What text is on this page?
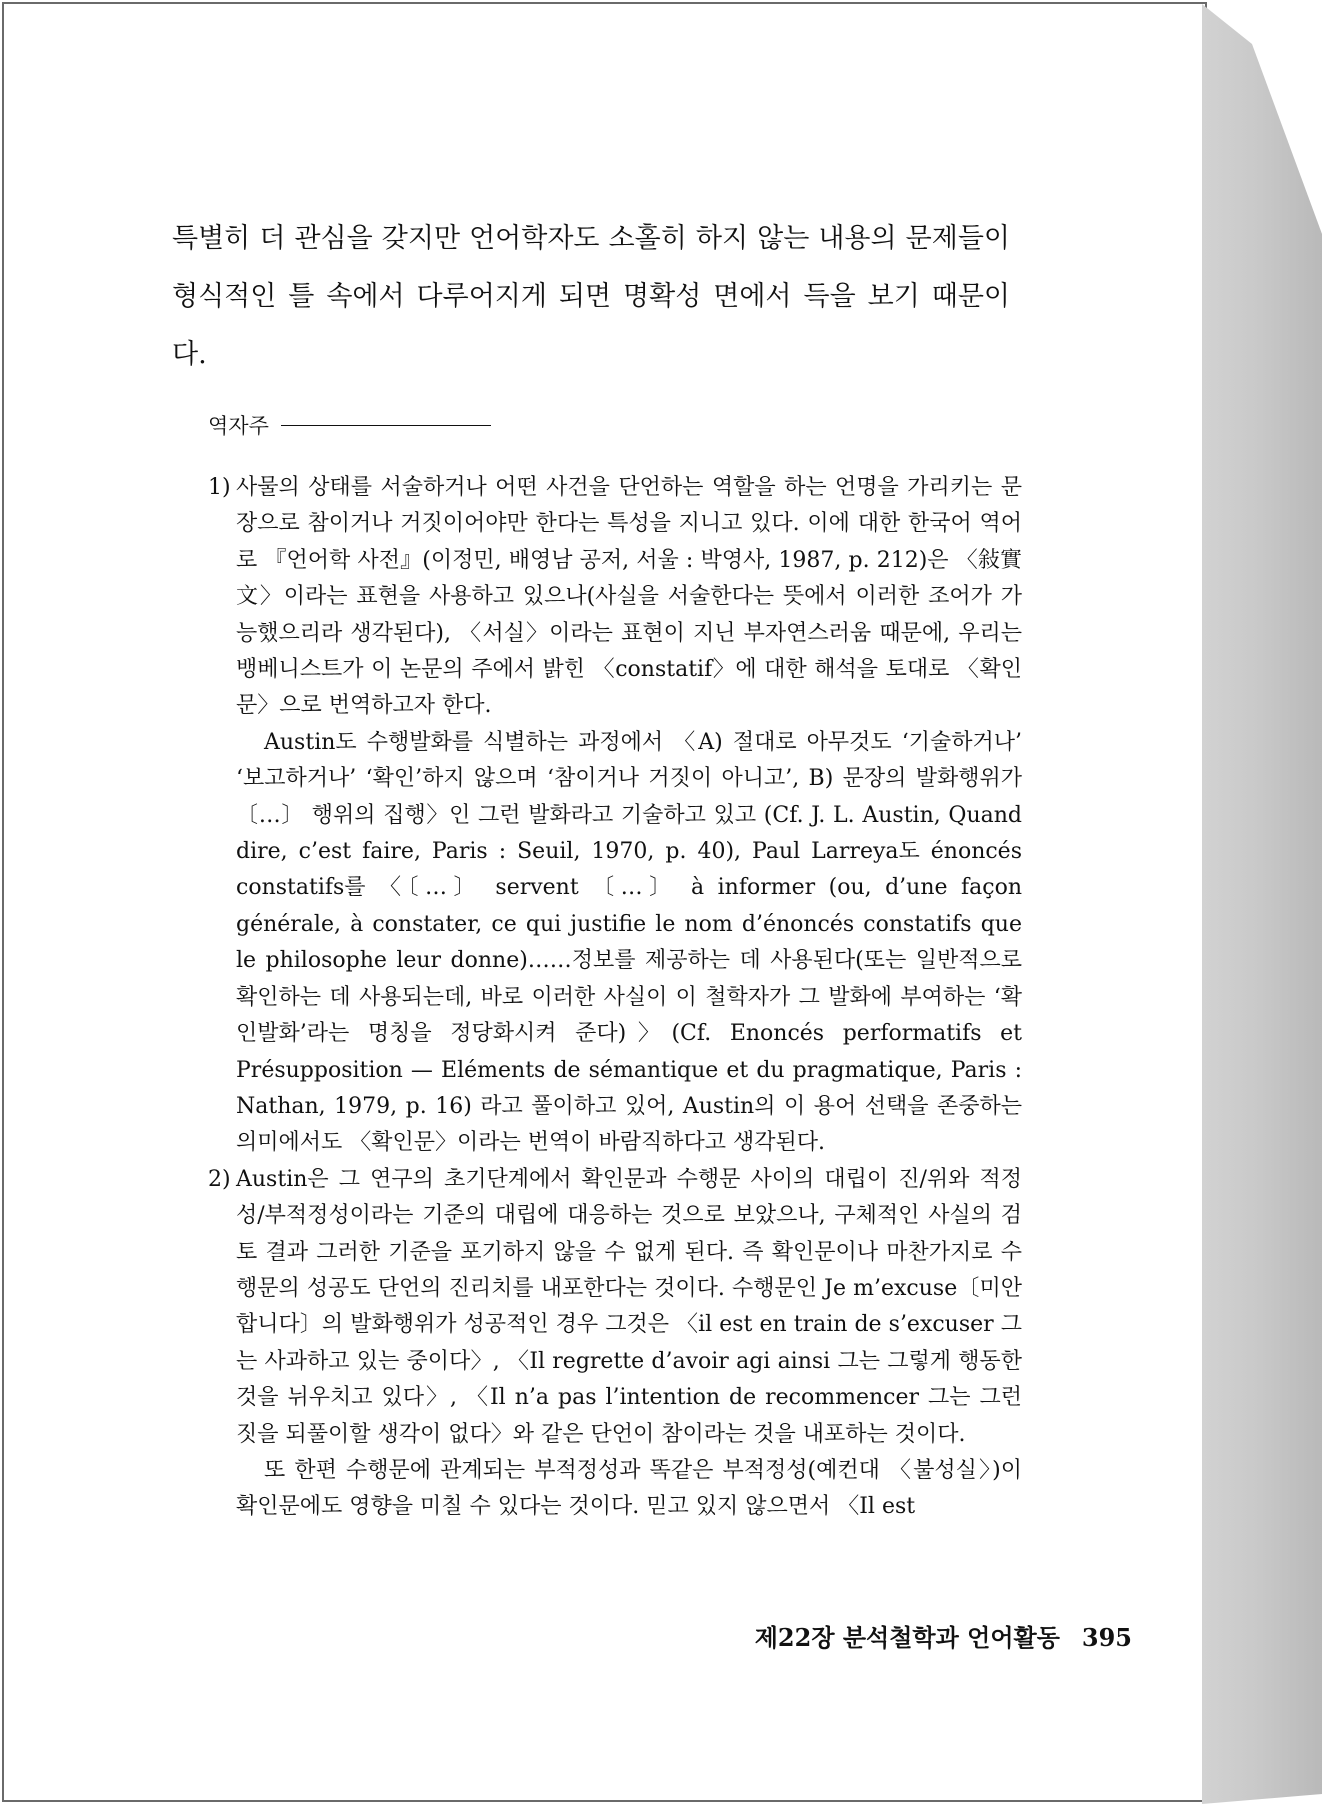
특별히 더 관심을 갖지만 언어학자도 소홀히 하지 않는 내용의 문제들이

형식적인 틀 속에서 다루어지게 되면 명확성 면에서 득을 보기 때문이다.

역자주
1) 사물의 상태를 서술하거나 어떤 사건을 단언하는 역할을 하는 언명을 가리키는 문장으로 참이거나 거짓이어야만 한다는 특성을 지니고 있다. 이에 대한 한국어 역어로 『언어학 사전』(이정민, 배영남 공저, 서울 : 박영사, 1987, p. 212)은 〈敍實文〉이라는 표현을 사용하고 있으나(사실을 서술한다는 뜻에서 이러한 조어가 가능했으리라 생각된다), 〈서실〉이라는 표현이 지닌 부자연스러움 때문에, 우리는 뱅베니스트가 이 논문의 주에서 밝힌 〈constatif〉에 대한 해석을 토대로 〈확인문〉으로 번역하고자 한다.

Austin도 수행발화를 식별하는 과정에서 〈A) 절대로 아무것도 ‘기술하거나’ ‘보고하거나’ ‘확인’하지 않으며 ‘참이거나 거짓이 아니고’, B) 문장의 발화행위가 〔…〕 행위의 집행〉인 그런 발화라고 기술하고 있고 (Cf. J. L. Austin, Quand dire, c’est faire, Paris : Seuil, 1970, p. 40), Paul Larreya도 énoncés constatifs를 〈〔…〕 servent 〔…〕 à informer (ou, d’une façon générale, à constater, ce qui justifie le nom d’énoncés constatifs que le philosophe leur donne)……정보를 제공하는 데 사용된다(또는 일반적으로 확인하는 데 사용되는데, 바로 이러한 사실이 이 철학자가 그 발화에 부여하는 ‘확인발화’라는 명칭을 정당화시켜 준다)〉(Cf. Enoncés performatifs et Présupposition — Eléments de sémantique et du pragmatique, Paris : Nathan, 1979, p. 16) 라고 풀이하고 있어, Austin의 이 용어 선택을 존중하는 의미에서도 〈확인문〉이라는 번역이 바람직하다고 생각된다.

2) Austin은 그 연구의 초기단계에서 확인문과 수행문 사이의 대립이 진/위와 적정성/부적정성이라는 기준의 대립에 대응하는 것으로 보았으나, 구체적인 사실의 검토 결과 그러한 기준을 포기하지 않을 수 없게 된다. 즉 확인문이나 마찬가지로 수행문의 성공도 단언의 진리치를 내포한다는 것이다. 수행문인 Je m’excuse〔미안합니다〕의 발화행위가 성공적인 경우 그것은 〈il est en train de s’excuser 그는 사과하고 있는 중이다〉, 〈Il regrette d’avoir agi ainsi 그는 그렇게 행동한 것을 뉘우치고 있다〉, 〈Il n’a pas l’intention de recommencer 그는 그런 짓을 되풀이할 생각이 없다〉와 같은 단언이 참이라는 것을 내포하는 것이다.

또 한편 수행문에 관계되는 부적정성과 똑같은 부적정성(예컨대 〈불성실〉)이 확인문에도 영향을 미칠 수 있다는 것이다. 믿고 있지 않으면서 〈Il est

제22장 분석철학과 언어활동 395
